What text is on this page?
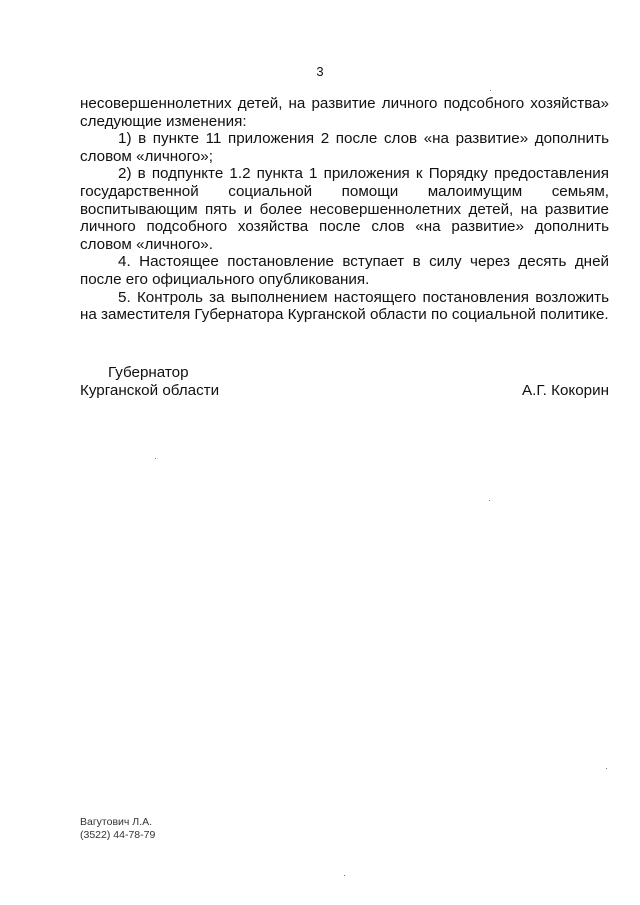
3

несовершеннолетних детей, на развитие личного подсобного хозяйства» следующие изменения:

1) в пункте 11 приложения 2 после слов «на развитие» дополнить словом «личного»;

2) в подпункте 1.2 пункта 1 приложения к Порядку предоставления государственной социальной помощи малоимущим семьям, воспитывающим пять и более несовершеннолетних детей, на развитие личного подсобного хозяйства после слов «на развитие» дополнить словом «личного».

4. Настоящее постановление вступает в силу через десять дней после его официального опубликования.

5. Контроль за выполнением настоящего постановления возложить на заместителя Губернатора Курганской области по социальной политике.

Губернатор
Курганской области	А.Г. Кокорин
Вагутович Л.А.
(3522) 44-78-79
